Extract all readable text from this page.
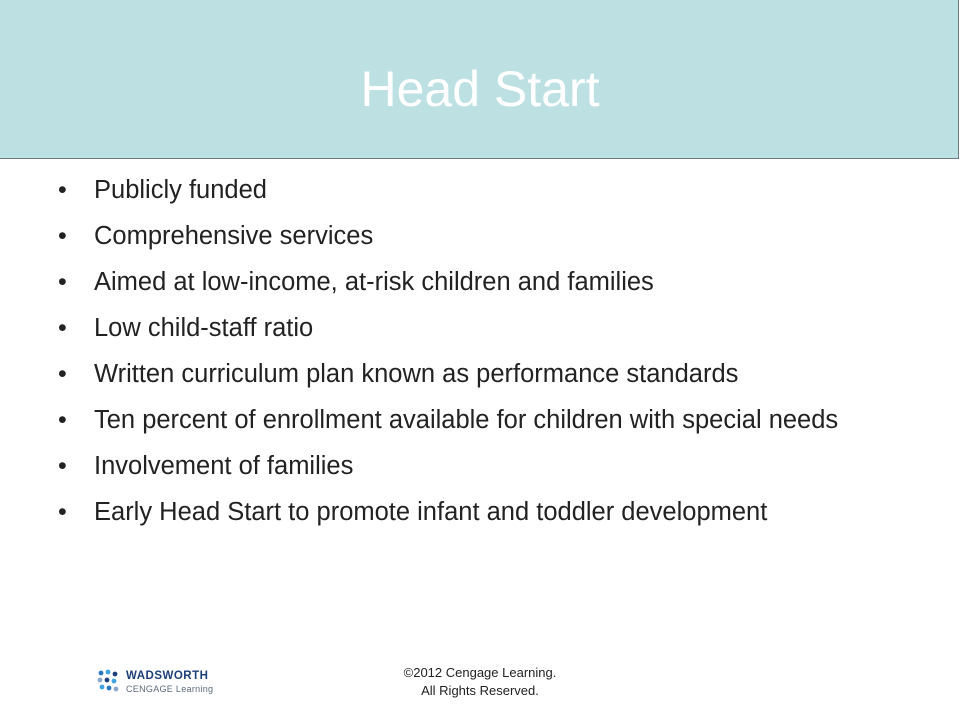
Head Start
• Publicly funded
• Comprehensive services
• Aimed at low-income, at-risk children and families
• Low child-staff ratio
• Written curriculum plan known as performance standards
• Ten percent of enrollment available for children with special needs
• Involvement of families
• Early Head Start to promote infant and toddler development
WADSWORTH
CENGAGE Learning
©2012 Cengage Learning.
All Rights Reserved.
